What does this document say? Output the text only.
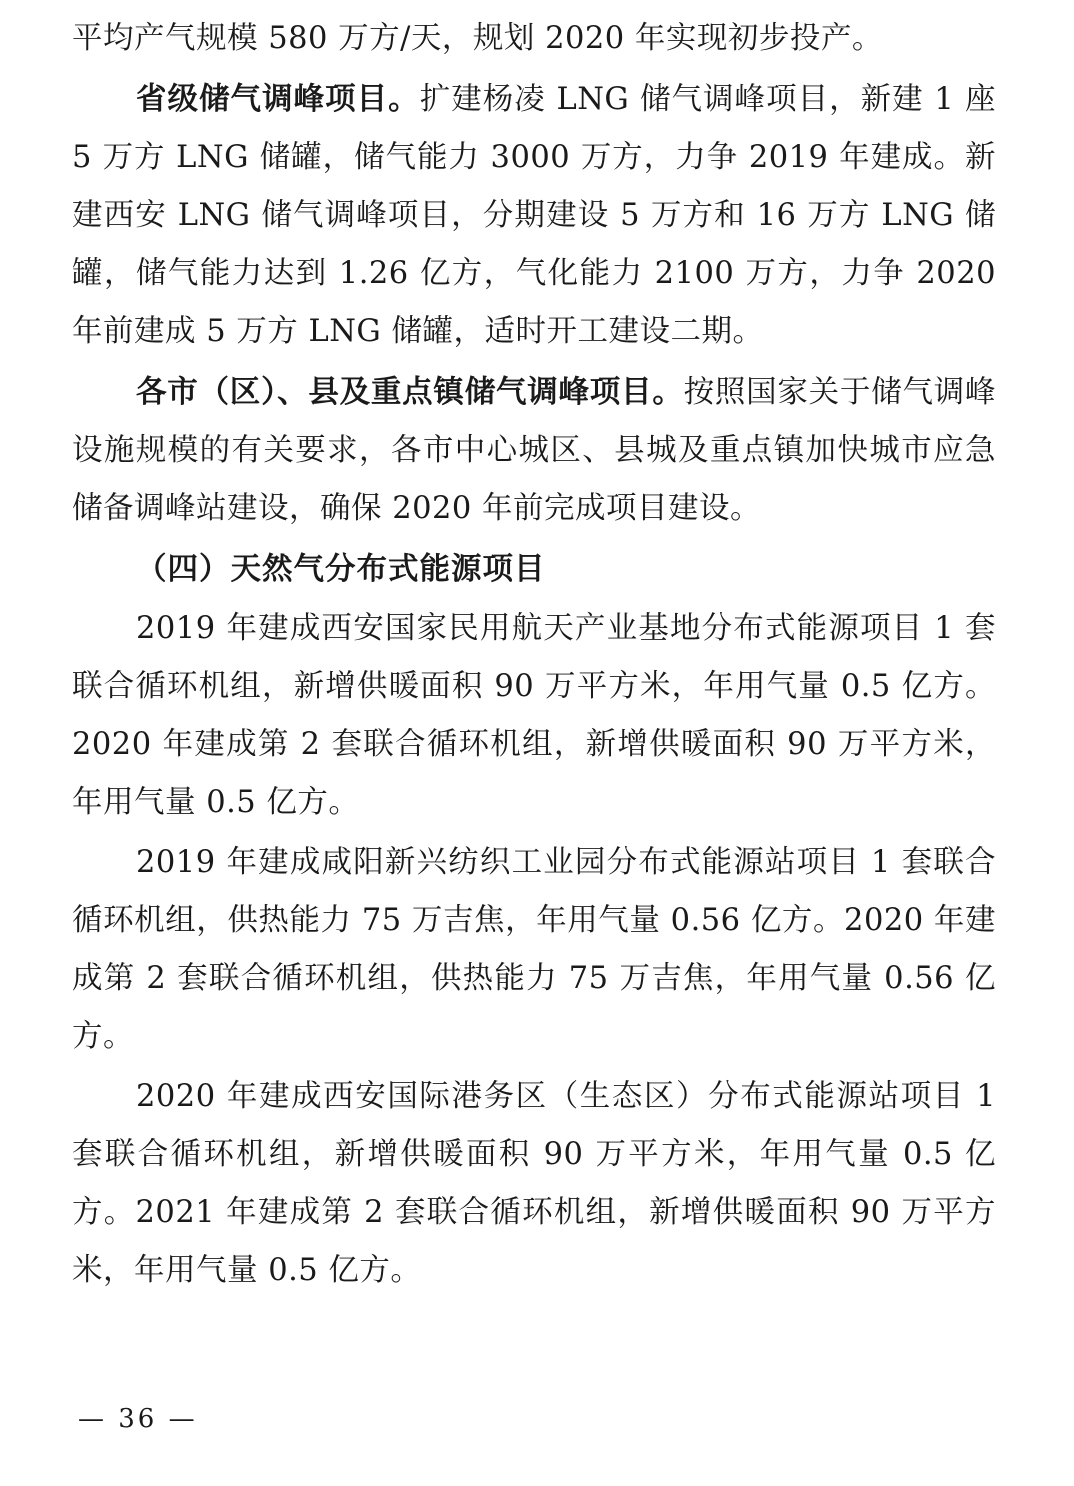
平均产气规模 580 万方/天，规划 2020 年实现初步投产。

省级储气调峰项目。扩建杨凌 LNG 储气调峰项目，新建 1 座 5 万方 LNG 储罐，储气能力 3000 万方，力争 2019 年建成。新建西安 LNG 储气调峰项目，分期建设 5 万方和 16 万方 LNG 储罐，储气能力达到 1.26 亿方，气化能力 2100 万方，力争 2020 年前建成 5 万方 LNG 储罐，适时开工建设二期。

各市（区）、县及重点镇储气调峰项目。按照国家关于储气调峰设施规模的有关要求，各市中心城区、县城及重点镇加快城市应急储备调峰站建设，确保 2020 年前完成项目建设。

（四）天然气分布式能源项目

2019 年建成西安国家民用航天产业基地分布式能源项目 1 套联合循环机组，新增供暖面积 90 万平方米，年用气量 0.5 亿方。2020 年建成第 2 套联合循环机组，新增供暖面积 90 万平方米，年用气量 0.5 亿方。

2019 年建成咸阳新兴纺织工业园分布式能源站项目 1 套联合循环机组，供热能力 75 万吉焦，年用气量 0.56 亿方。2020 年建成第 2 套联合循环机组，供热能力 75 万吉焦，年用气量 0.56 亿方。

2020 年建成西安国际港务区（生态区）分布式能源站项目 1 套联合循环机组，新增供暖面积 90 万平方米，年用气量 0.5 亿方。2021 年建成第 2 套联合循环机组，新增供暖面积 90 万平方米，年用气量 0.5 亿方。

— 36 —
